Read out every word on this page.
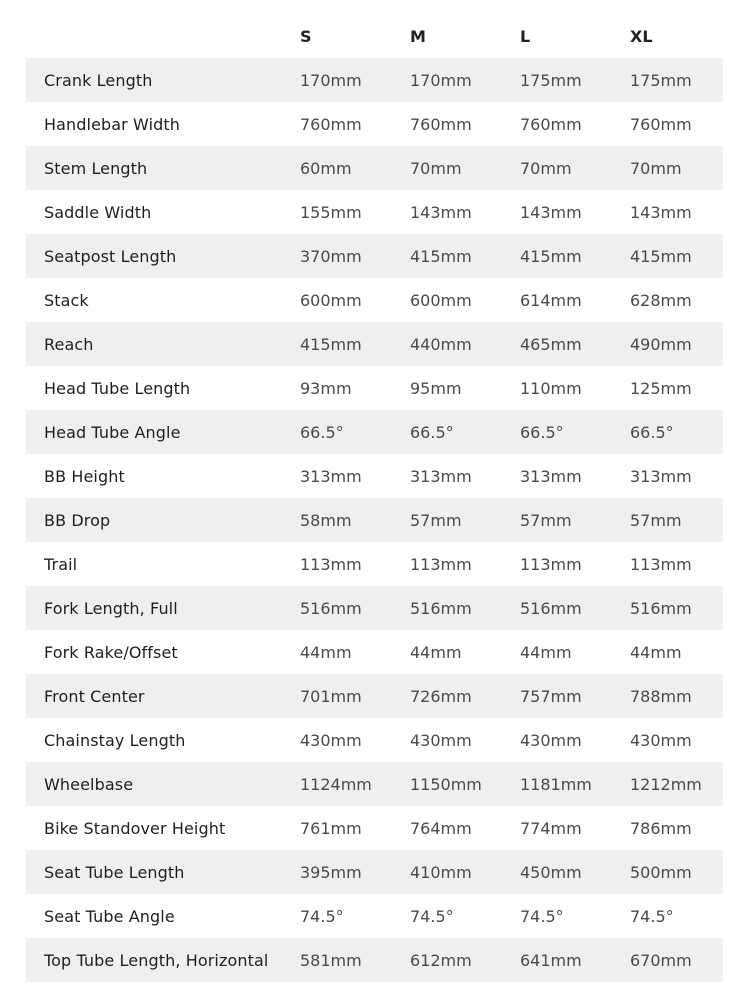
	S	M	L	XL
Crank Length	170mm	170mm	175mm	175mm
Handlebar Width	760mm	760mm	760mm	760mm
Stem Length	60mm	70mm	70mm	70mm
Saddle Width	155mm	143mm	143mm	143mm
Seatpost Length	370mm	415mm	415mm	415mm
Stack	600mm	600mm	614mm	628mm
Reach	415mm	440mm	465mm	490mm
Head Tube Length	93mm	95mm	110mm	125mm
Head Tube Angle	66.5°	66.5°	66.5°	66.5°
BB Height	313mm	313mm	313mm	313mm
BB Drop	58mm	57mm	57mm	57mm
Trail	113mm	113mm	113mm	113mm
Fork Length, Full	516mm	516mm	516mm	516mm
Fork Rake/Offset	44mm	44mm	44mm	44mm
Front Center	701mm	726mm	757mm	788mm
Chainstay Length	430mm	430mm	430mm	430mm
Wheelbase	1124mm	1150mm	1181mm	1212mm
Bike Standover Height	761mm	764mm	774mm	786mm
Seat Tube Length	395mm	410mm	450mm	500mm
Seat Tube Angle	74.5°	74.5°	74.5°	74.5°
Top Tube Length, Horizontal	581mm	612mm	641mm	670mm
